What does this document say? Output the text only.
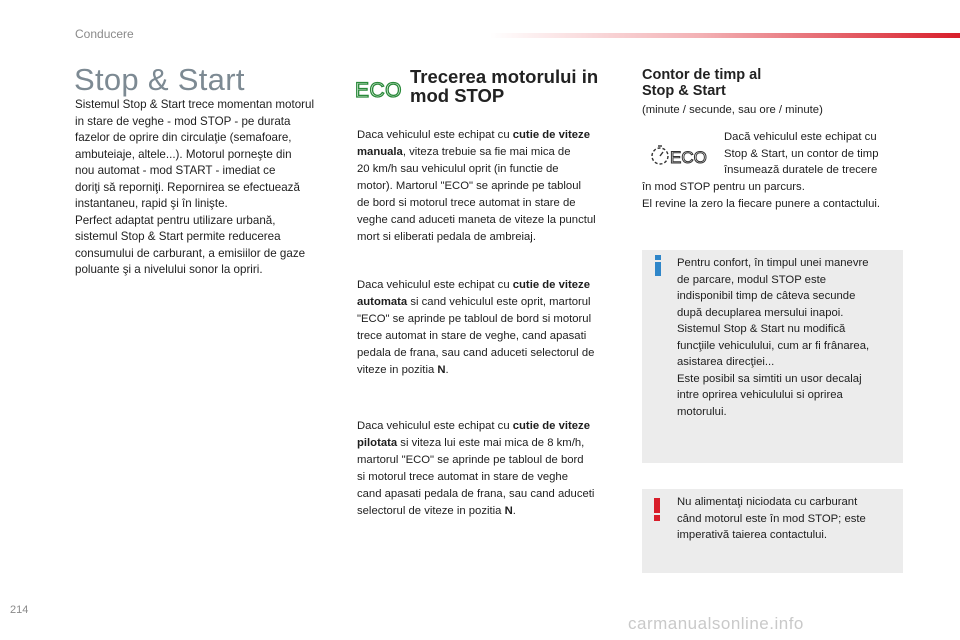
Conducere
Stop & Start
Sistemul Stop & Start trece momentan motorul
in stare de veghe - mod STOP - pe durata
fazelor de oprire din circulaţie (semafoare,
ambuteiaje, altele...). Motorul porneşte din
nou automat - mod START - imediat ce
doriţi să reporniţi. Repornirea se efectuează
instantaneu, rapid şi în linişte.
Perfect adaptat pentru utilizare urbană,
sistemul Stop & Start permite reducerea
consumului de carburant, a emisiilor de gaze
poluante şi a nivelului sonor la opriri.
ECO
Trecerea motorului in
mod STOP
Daca vehiculul este echipat cu cutie de viteze
manuala, viteza trebuie sa fie mai mica de
20 km/h sau vehiculul oprit (in functie de
motor). Martorul "ECO" se aprinde pe tabloul
de bord si motorul trece automat in stare de
veghe cand aduceti maneta de viteze la punctul
mort si eliberati pedala de ambreiaj.
Daca vehiculul este echipat cu cutie de viteze
automata si cand vehiculul este oprit, martorul
"ECO" se aprinde pe tabloul de bord si motorul
trece automat in stare de veghe, cand apasati
pedala de frana, sau cand aduceti selectorul de
viteze in pozitia N.
Daca vehiculul este echipat cu cutie de viteze
pilotata si viteza lui este mai mica de 8 km/h,
martorul "ECO" se aprinde pe tabloul de bord
si motorul trece automat in stare de veghe
cand apasati pedala de frana, sau cand aduceti
selectorul de viteze in pozitia N.
Contor de timp al
Stop & Start
(minute / secunde, sau ore / minute)
ECO
Dacă vehiculul este echipat cu
Stop & Start, un contor de timp
însumează duratele de trecere
în mod STOP pentru un parcurs.
El revine la zero la fiecare punere a contactului.
Pentru confort, în timpul unei manevre
de parcare, modul STOP este
indisponibil timp de câteva secunde
după decuplarea mersului inapoi.
Sistemul Stop & Start nu modifică
funcţiile vehiculului, cum ar fi frânarea,
asistarea direcţiei...
Este posibil sa simtiti un usor decalaj
intre oprirea vehiculului si oprirea
motorului.
Nu alimentaţi niciodata cu carburant
când motorul este în mod STOP; este
imperativă taierea contactului.
214
carmanualsonline.info
